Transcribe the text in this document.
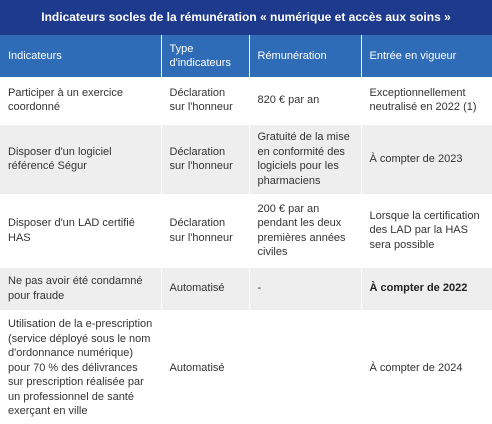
Indicateurs socles de la rémunération « numérique et accès aux soins »
Indicateurs	Type d'indicateurs	Rémunération	Entrée en vigueur
Participer à un exercice coordonné	Déclaration sur l'honneur	820 € par an	Exceptionnellement neutralisé en 2022 (1)
Disposer d'un logiciel référencé Ségur	Déclaration sur l'honneur	Gratuité de la mise en conformité des logiciels pour les pharmaciens	À compter de 2023
Disposer d'un LAD certifié HAS	Déclaration sur l'honneur	200 € par an pendant les deux premières années civiles	Lorsque la certification des LAD par la HAS sera possible
Ne pas avoir été condamné pour fraude	Automatisé	-	À compter de 2022
Utilisation de la e-prescription (service déployé sous le nom d'ordonnance numérique) pour 70 % des délivrances sur prescription réalisée par un professionnel de santé exerçant en ville	Automatisé		À compter de 2024
